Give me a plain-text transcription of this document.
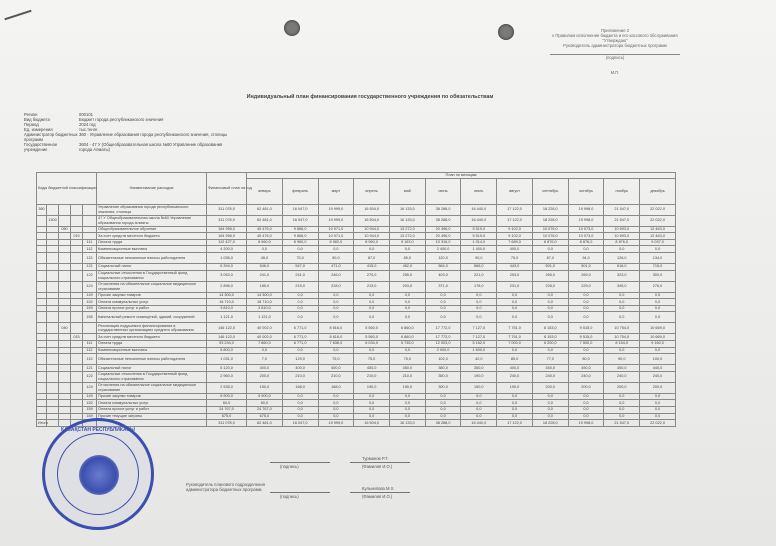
Приложение 2
к Правилам исполнения бюджета и его кассового обслуживания
"Утверждаю"
Руководитель администратора бюджетных программ
(подпись)
М.П.
Индивидуальный план финансирования государственного учреждения по обязательствам
Регион	000101
Вид бюджета	Бюджет города республиканского значения
Период	2024 год
Ед. измерения	тыс.тенге
Администратор бюджетных программ
360 - Управление образования города республиканского значения, столицы
Государственное учреждение
3604 - 47 У (Общеобразовательная школа №60 Управление образования города Алматы)
Коды бюджетной классификации					Наименование расходов	Финансовый план на год	План по месяцам											
							январь	февраль	март	апрель	май	июнь	июль	август	сентябрь	октябрь	ноябрь	декабрь
360					Управление образования города республиканского значения, столицы	311 078,0	62 481,0	16 047,0	19 999,0	16 504,0	16 133,0	38 288,0	16 440,0	17 122,0	18 228,0	19 998,0	21 547,0	22 022,0
	1300				47 У Общеобразовательная школа №60 Управление образования города Алматы	311 078,0	62 481,0	16 047,0	19 999,0	16 504,0	16 133,0	38 288,0	16 440,0	17 122,0	18 228,0	19 998,0	21 547,0	22 022,0
		050			Общеобразовательное обучение	164 956,0	45 476,0	9 866,0	10 971,0	10 944,0	13 272,0	20 496,0	5 519,0	9 102,0	10 076,0	10 073,0	10 693,0	12 463,0
			015		За счет средств местного бюджета	164 956,0	45 476,0	9 866,0	10 971,0	10 944,0	13 272,0	20 496,0	5 519,0	9 102,0	10 076,0	10 073,0	10 693,0	12 463,0
				111	Оплата труда	112 427,0	8 960,0	8 960,0	8 982,0	8 960,0	9 163,0	10 316,0	1 014,0	7 689,0	8 876,0	8 876,0	8 876,0	9 037,0
				112	Компенсационные выплаты	4 200,0	0,0	0,0	0,0	0,0	0,0	2 400,0	1 400,0	400,0	0,0	0,0	0,0	0,0
				113	Обязательные пенсионные взносы работодателя	1 036,0	45,0	75,0	90,0	87,0	85,0	120,0	90,0	75,0	87,0	94,0	126,0	134,0
				121	Социальный налог	6 394,0	546,0	547,0	471,0	415,0	462,0	584,0	566,0	443,0	501,0	501,0	616,0	715,0
				122	Социальные отчисления в Государственный фонд социального страхования	3 053,0	241,0	241,0	246,0	270,0	255,0	403,0	221,0	253,0	265,0	265,0	323,0	300,0
				124	Отчисления на обязательное социальное медицинское страхование	2 896,0	185,0	215,0	228,0	213,0	203,0	371,0	178,0	231,0	226,0	225,0	345,0	276,0
				149	Прочие закупки товаров	14 300,0	14 300,0	0,0	0,0	0,0	0,0	0,0	0,0	0,0	0,0	0,0	0,0	0,0
				152	Оплата коммунальных услуг	18 710,0	18 710,0	0,0	0,0	0,0	0,0	0,0	0,0	0,0	0,0	0,0	0,0	0,0
				159	Оплата прочих услуг и работ	3 810,0	3 810,0	0,0	0,0	0,0	0,0	0,0	0,0	0,0	0,0	0,0	0,0	0,0
				165	Капитальный ремонт помещений, зданий, сооружений	1 121,0	1 121,0	0,0	0,0	0,0	0,0	0,0	0,0	0,0	0,0	0,0	0,0	0,0
		040			Реализация подушевого финансирования в государственных организациях среднего образования	146 122,0	40 002,0	6 771,0	8 616,0	5 560,0	6 860,0	17 772,0	7 127,0	7 751,0	8 153,0	9 515,0	10 754,0	10 669,0
			015		За счет средств местного бюджета	146 122,0	40 002,0	6 771,0	8 616,0	5 560,0	6 860,0	17 772,0	7 127,0	7 751,0	8 153,0	9 515,0	10 754,0	10 669,0
				111	Оплата труда	93 234,0	7 860,0	6 771,0	7 638,0	6 034,0	5 735,0	12 003,0	5 162,0	7 000,0	6 200,0	7 500,0	8 154,0	9 160,0
				112	Компенсационные выплаты	5 800,0	0,0	0,0	0,0	0,0	0,0	2 900,0	1 600,0	0,0	0,0	0,0	0,0	0,0
				113	Обязательные пенсионные взносы работодателя	1 031,0	7,0	129,0	75,0	75,0	75,0	102,0	42,0	85,0	77,0	80,0	90,0	100,0
				121	Социальный налог	5 120,0	400,0	400,0	400,0	450,0	450,0	380,0	350,0	400,0	450,0	450,0	450,0	440,0
				122	Социальные отчисления в Государственный фонд социального страхования	2 960,0	200,0	210,0	210,0	210,0	210,0	350,0	190,0	240,0	240,0	240,0	240,0	240,0
				124	Отчисления на обязательное социальное медицинское страхование	2 535,0	150,0	168,0	168,0	190,0	190,0	300,0	150,0	190,0	200,0	200,0	200,0	200,0
				149	Прочие закупки товаров	5 900,0	5 900,0	0,0	0,0	0,0	0,0	0,0	0,0	0,0	0,0	0,0	0,0	0,0
				152	Оплата коммунальных услуг	60,0	60,0	0,0	0,0	0,0	0,0	0,0	0,0	0,0	0,0	0,0	0,0	0,0
				159	Оплата прочих услуг и работ	24 767,0	24 767,0	0,0	0,0	0,0	0,0	0,0	0,0	0,0	0,0	0,0	0,0	0,0
				169	Прочие текущие затраты	675,0	675,0	0,0	0,0	0,0	0,0	0,0	0,0	0,0	0,0	0,0	0,0	0,0
Итого						311 078,0	62 481,0	16 047,0	19 999,0	16 504,0	16 133,0	38 288,0	16 440,0	17 122,0	18 228,0	19 998,0	21 547,0	22 022,0
ҚАЗАҚСТАН РЕСПУБЛИКАСЫ
(подпись)
Турманов Р.Т.
(Фамилия И.О.)
Руководитель планового подразделения администратора бюджетных программ
(подпись)
Кульнипова М.Х.
(Фамилия И.О.)
